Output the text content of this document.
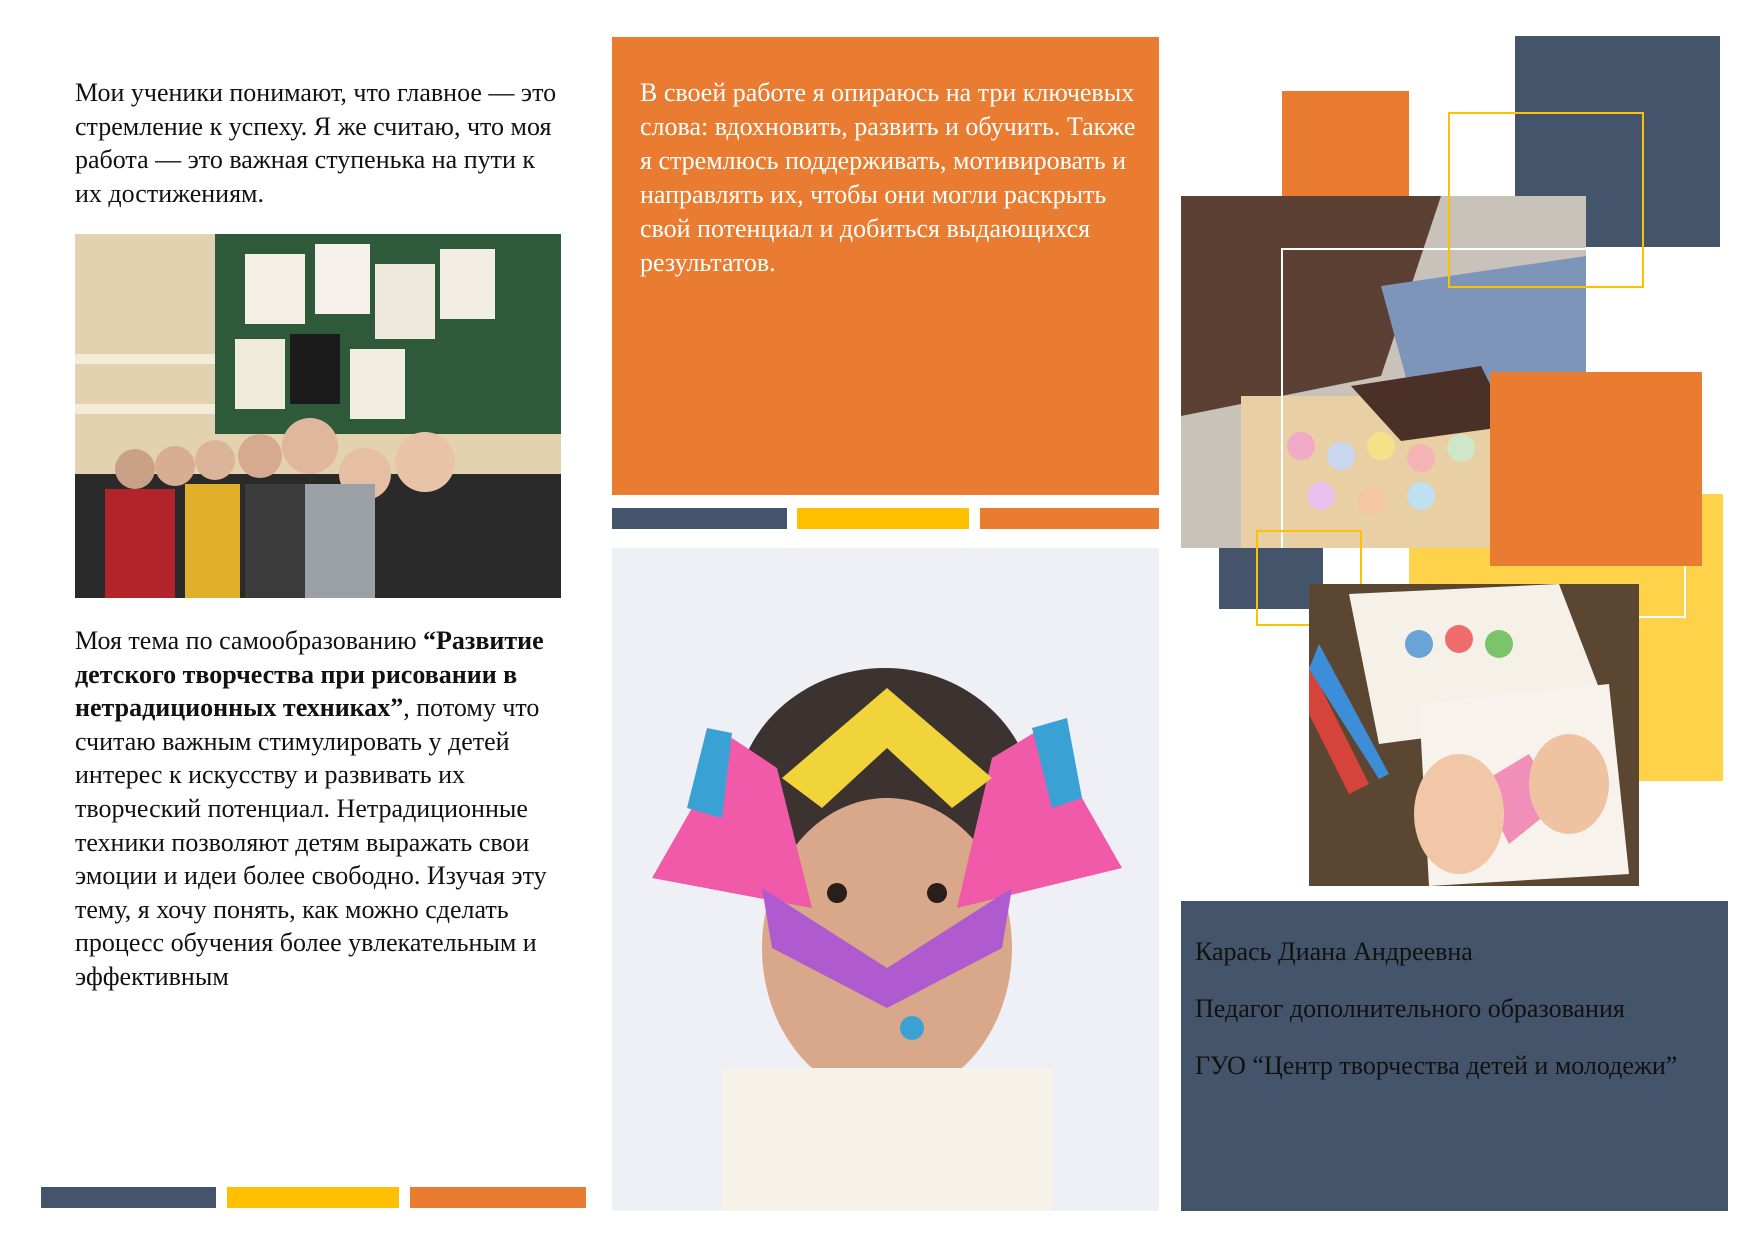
Мои ученики понимают, что главное — это стремление к успеху. Я же считаю, что моя работа — это важная ступенька на пути к их достижениям.
Моя тема по самообразованию “Развитие детского творчества при рисовании в нетрадиционных техниках”, потому что считаю важным стимулировать у детей интерес к искусству и развивать их творческий потенциал. Нетрадиционные техники позволяют детям выражать свои эмоции и идеи более свободно. Изучая эту тему, я хочу понять, как можно сделать процесс обучения более увлекательным и эффективным
В своей работе я опираюсь на три ключевых слова: вдохновить, развить и обучить. Также я стремлюсь поддерживать, мотивировать и направлять их, чтобы они могли раскрыть свой потенциал и добиться выдающихся результатов.
Карась Диана Андреевна
Педагог дополнительного образования
ГУО “Центр творчества детей и молодежи”
